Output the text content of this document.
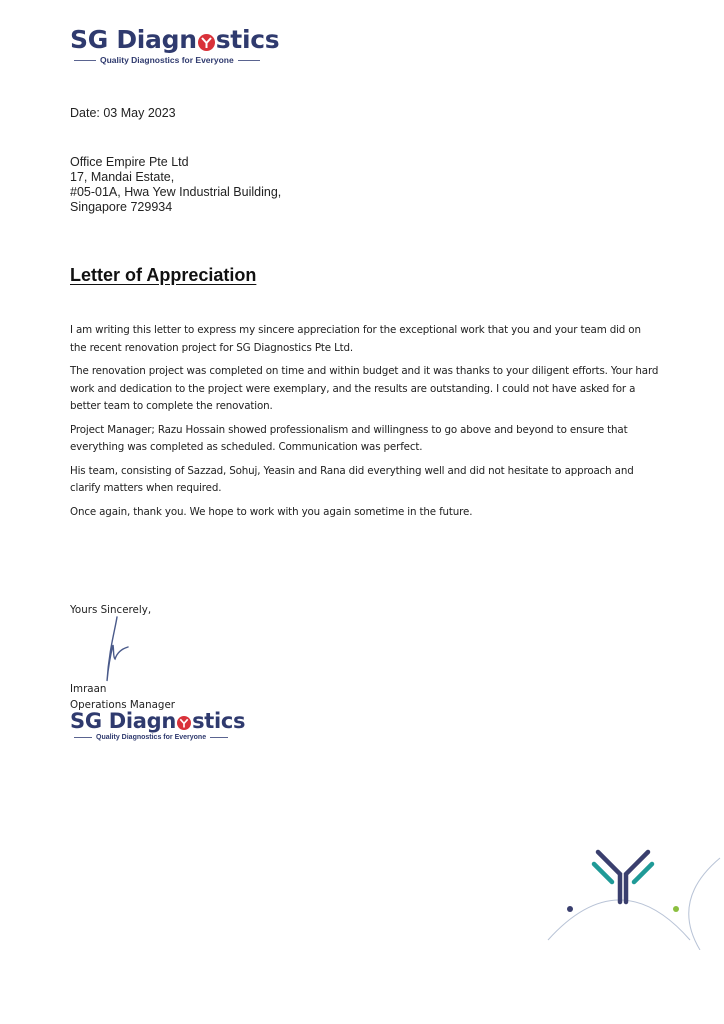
SG Diagn stics
Quality Diagnostics for Everyone
Date: 03 May 2023
Office Empire Pte Ltd
17, Mandai Estate,
#05-01A, Hwa Yew Industrial Building,
Singapore 729934
Letter of Appreciation

I am writing this letter to express my sincere appreciation for the exceptional work that you and your team did on the recent renovation project for SG Diagnostics Pte Ltd.

The renovation project was completed on time and within budget and it was thanks to your diligent efforts. Your hard work and dedication to the project were exemplary, and the results are outstanding. I could not have asked for a better team to complete the renovation.

Project Manager; Razu Hossain showed professionalism and willingness to go above and beyond to ensure that everything was completed as scheduled. Communication was perfect.

His team, consisting of Sazzad, Sohuj, Yeasin and Rana did everything well and did not hesitate to approach and clarify matters when required.

Once again, thank you. We hope to work with you again sometime in the future.

Yours Sincerely,
Imraan
Operations Manager
SG Diagn stics
Quality Diagnostics for Everyone
